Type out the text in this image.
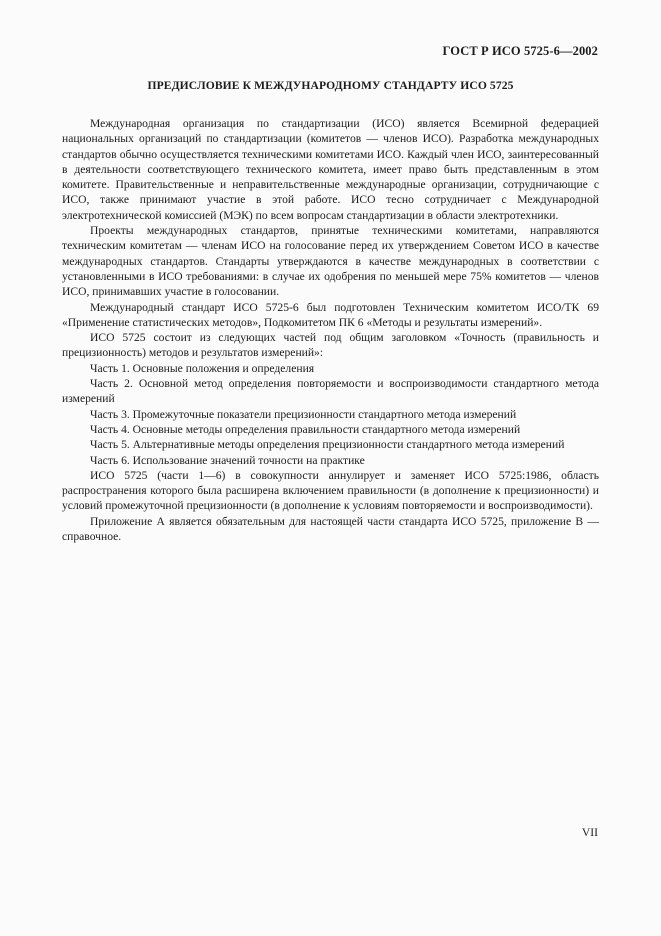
ГОСТ Р ИСО 5725-6—2002
ПРЕДИСЛОВИЕ К МЕЖДУНАРОДНОМУ СТАНДАРТУ ИСО 5725

Международная организация по стандартизации (ИСО) является Всемирной федерацией национальных организаций по стандартизации (комитетов — членов ИСО). Разработка международных стандартов обычно осуществляется техническими комитетами ИСО. Каждый член ИСО, заинтересованный в деятельности соответствующего технического комитета, имеет право быть представленным в этом комитете. Правительственные и неправительственные международные организации, сотрудничающие с ИСО, также принимают участие в этой работе. ИСО тесно сотрудничает с Международной электротехнической комиссией (МЭК) по всем вопросам стандартизации в области электротехники.

Проекты международных стандартов, принятые техническими комитетами, направляются техническим комитетам — членам ИСО на голосование перед их утверждением Советом ИСО в качестве международных стандартов. Стандарты утверждаются в качестве международных в соответствии с установленными в ИСО требованиями: в случае их одобрения по меньшей мере 75% комитетов — членов ИСО, принимавших участие в голосовании.

Международный стандарт ИСО 5725-6 был подготовлен Техническим комитетом ИСО/ТК 69 «Применение статистических методов», Подкомитетом ПК 6 «Методы и результаты измерений».

ИСО 5725 состоит из следующих частей под общим заголовком «Точность (правильность и прецизионность) методов и результатов измерений»:

Часть 1. Основные положения и определения

Часть 2. Основной метод определения повторяемости и воспроизводимости стандартного метода измерений

Часть 3. Промежуточные показатели прецизионности стандартного метода измерений

Часть 4. Основные методы определения правильности стандартного метода измерений

Часть 5. Альтернативные методы определения прецизионности стандартного метода измерений

Часть 6. Использование значений точности на практике

ИСО 5725 (части 1—6) в совокупности аннулирует и заменяет ИСО 5725:1986, область распространения которого была расширена включением правильности (в дополнение к прецизионности) и условий промежуточной прецизионности (в дополнение к условиям повторяемости и воспроизводимости).

Приложение А является обязательным для настоящей части стандарта ИСО 5725, приложение В — справочное.

VII
